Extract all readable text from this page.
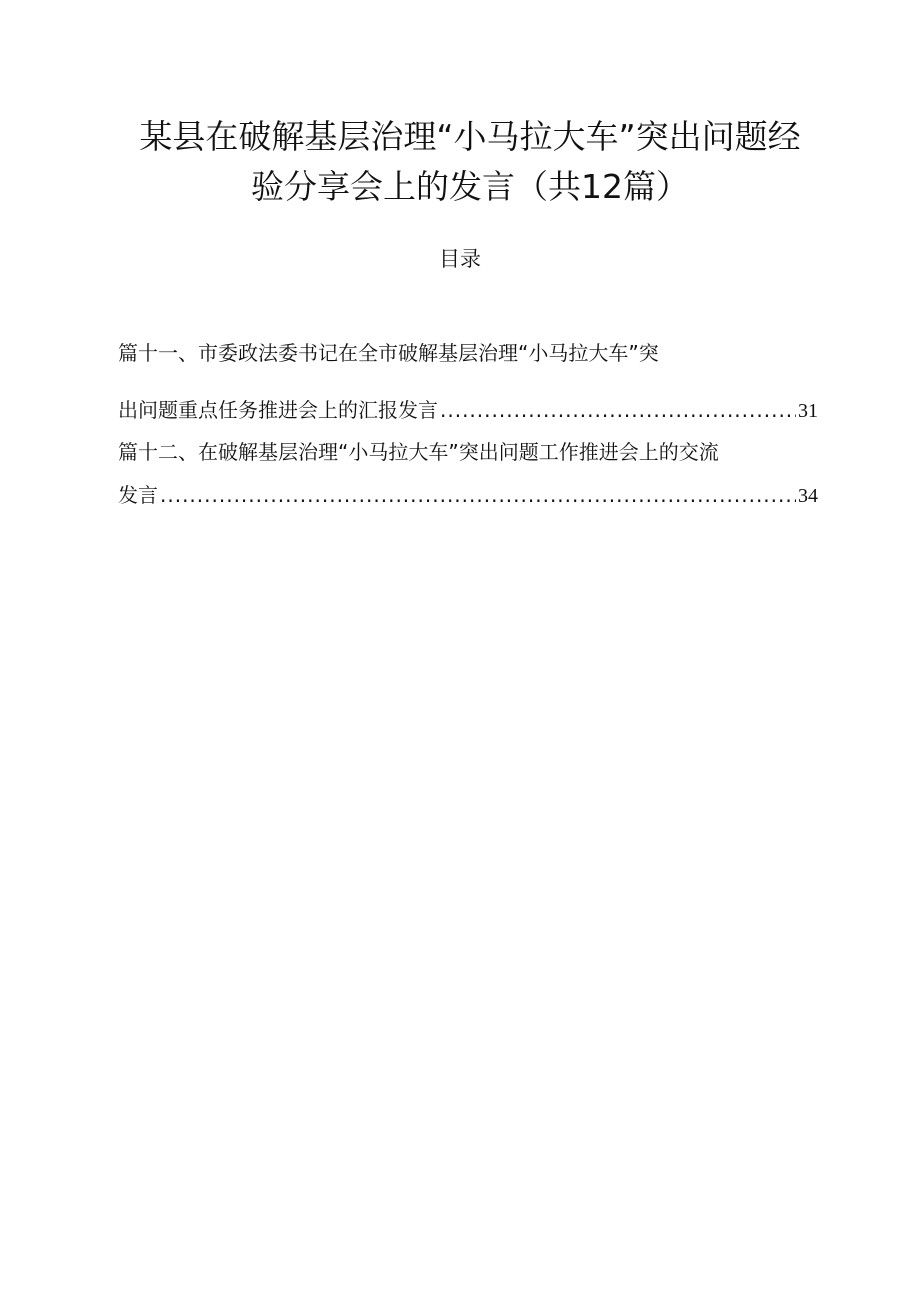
某县在破解基层治理“小马拉大车”突出问题经
验分享会上的发言（共12篇）
目录
篇十一、市委政法委书记在全市破解基层治理“小马拉大车”突
出问题重点任务推进会上的汇报发言 .....	31
篇十二、在破解基层治理“小马拉大车”突出问题工作推进会上的交流
发言 .....	34
